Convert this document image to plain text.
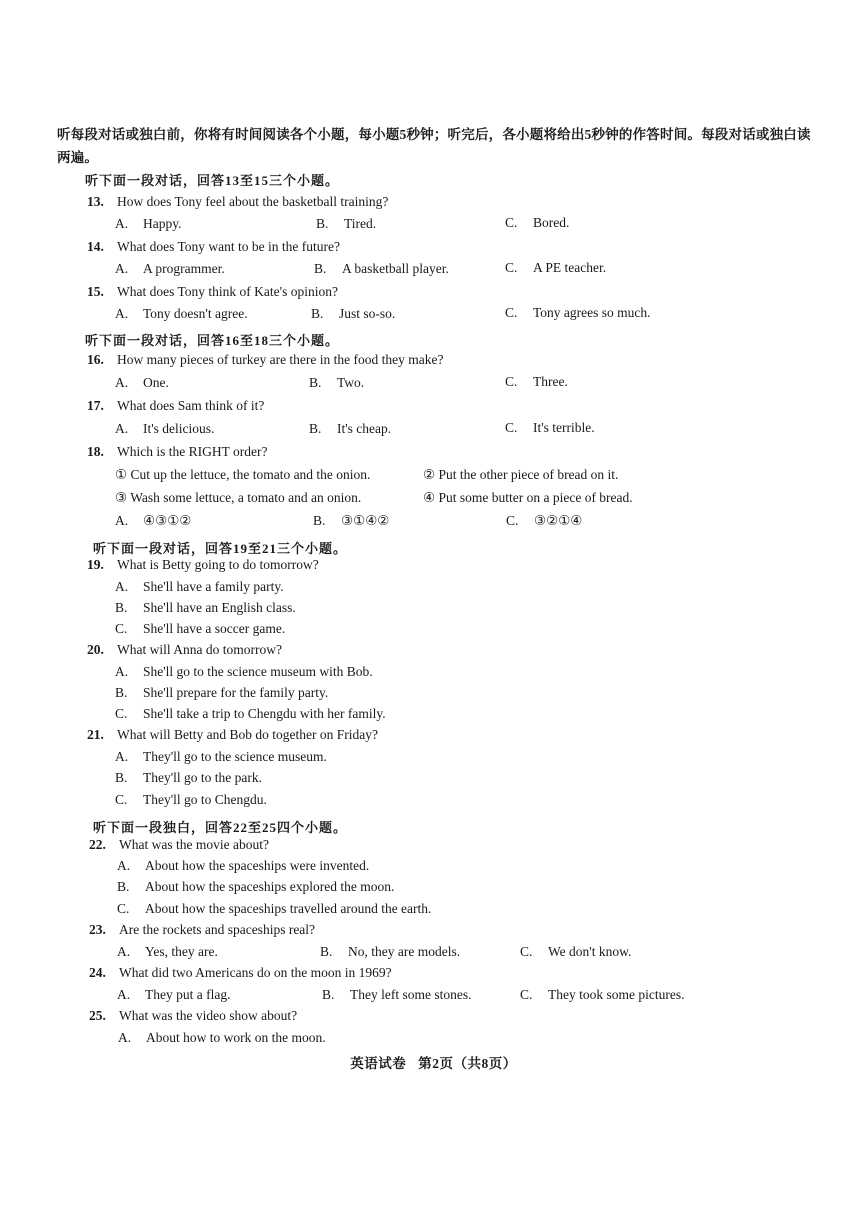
听每段对话或独白前，你将有时间阅读各个小题，每小题5秒钟；听完后，各小题将给出5秒钟的作答时间。每段对话或独白读两遍。
听下面一段对话，回答13至15三个小题。
13. How does Tony feel about the basketball training?
A. Happy.	B. Tired.	C. Bored.
14. What does Tony want to be in the future?
A. A programmer.	B. A basketball player.	C. A PE teacher.
15. What does Tony think of Kate's opinion?
A. Tony doesn't agree.	B. Just so-so.	C. Tony agrees so much.
听下面一段对话，回答16至18三个小题。
16. How many pieces of turkey are there in the food they make?
A. One.	B. Two.	C. Three.
17. What does Sam think of it?
A. It's delicious.	B. It's cheap.	C. It's terrible.
18. Which is the RIGHT order?
① Cut up the lettuce, the tomato and the onion.	② Put the other piece of bread on it.
③ Wash some lettuce, a tomato and an onion.	④ Put some butter on a piece of bread.
A. ④③①②	B. ③①④②	C. ③②①④
听下面一段对话，回答19至21三个小题。
19. What is Betty going to do tomorrow?
A. She'll have a family party.
B. She'll have an English class.
C. She'll have a soccer game.
20. What will Anna do tomorrow?
A. She'll go to the science museum with Bob.
B. She'll prepare for the family party.
C. She'll take a trip to Chengdu with her family.
21. What will Betty and Bob do together on Friday?
A. They'll go to the science museum.
B. They'll go to the park.
C. They'll go to Chengdu.
听下面一段独白，回答22至25四个小题。
22. What was the movie about?
A. About how the spaceships were invented.
B. About how the spaceships explored the moon.
C. About how the spaceships travelled around the earth.
23. Are the rockets and spaceships real?
A. Yes, they are.	B. No, they are models.	C. We don't know.
24. What did two Americans do on the moon in 1969?
A. They put a flag.	B. They left some stones.	C. They took some pictures.
25. What was the video show about?
A. About how to work on the moon.
英语试卷 第2页（共8页）
